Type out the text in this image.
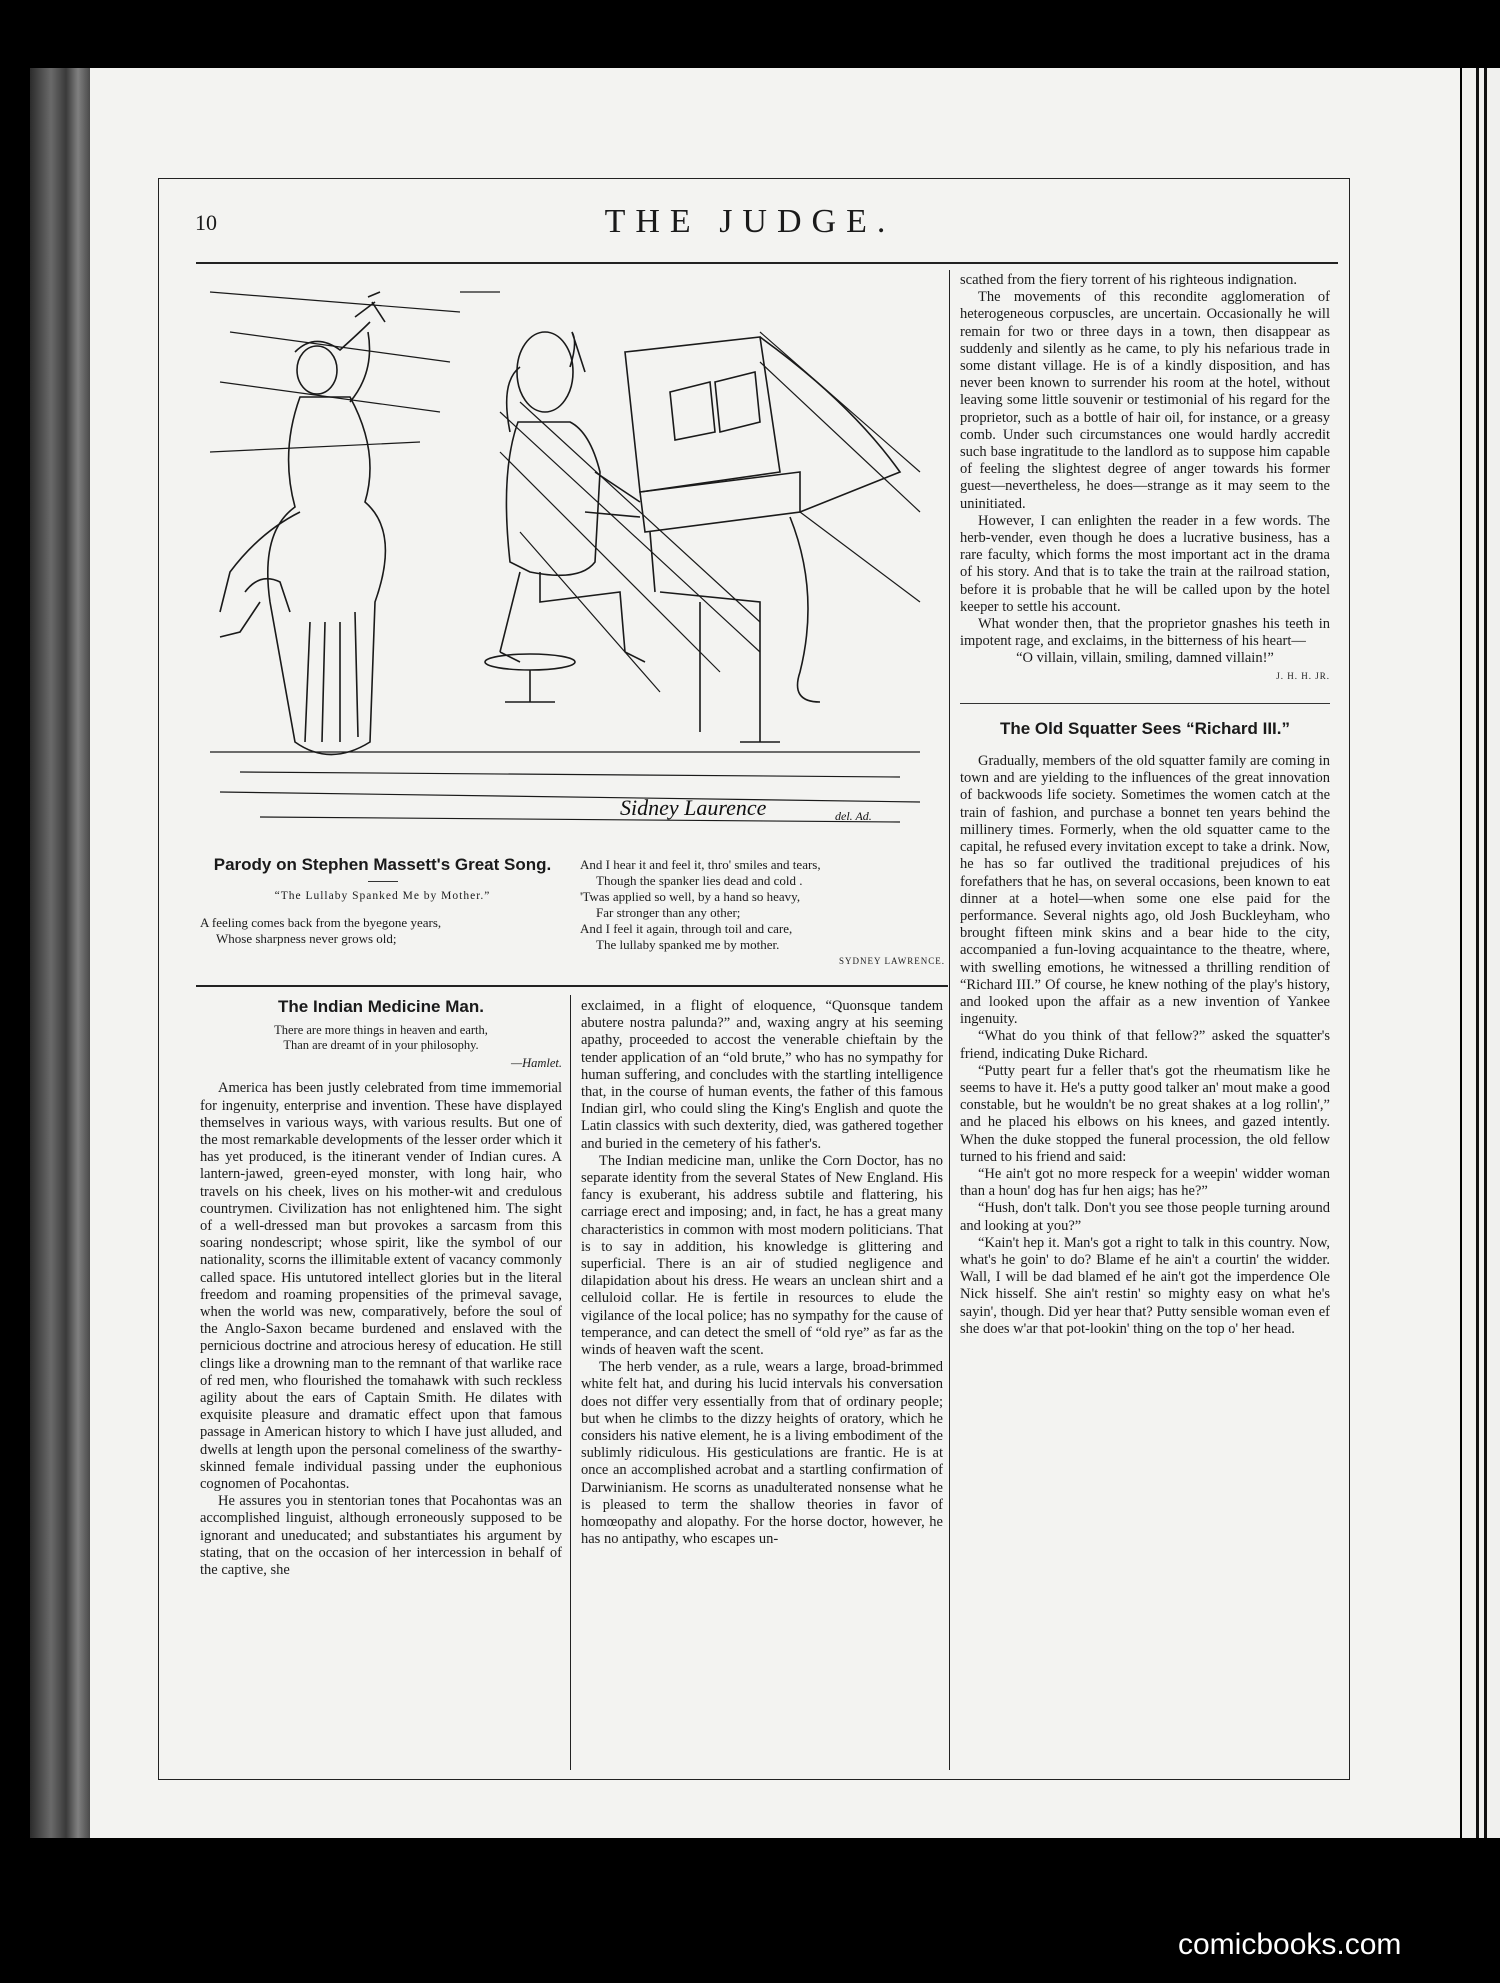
10	THE JUDGE.
Sidney Laurence	del. Ad.
Parody on Stephen Massett's Great Song.
“The Lullaby Spanked Me by Mother.”
A feeling comes back from the byegone years,
Whose sharpness never grows old;
And I hear it and feel it, thro' smiles and tears,
Though the spanker lies dead and cold .
'Twas applied so well, by a hand so heavy,
Far stronger than any other;
And I feel it again, through toil and care,
The lullaby spanked me by mother.
SYDNEY LAWRENCE.
The Indian Medicine Man.
There are more things in heaven and earth,
Than are dreamt of in your philosophy.
—Hamlet.

America has been justly celebrated from time immemorial for ingenuity, enterprise and invention. These have displayed themselves in various ways, with various results. But one of the most remarkable developments of the lesser order which it has yet produced, is the itinerant vender of Indian cures. A lantern-jawed, green-eyed monster, with long hair, who travels on his cheek, lives on his mother-wit and credulous countrymen. Civilization has not enlightened him. The sight of a well-dressed man but provokes a sarcasm from this soaring nondescript; whose spirit, like the symbol of our nationality, scorns the illimitable extent of vacancy commonly called space. His untutored intellect glories but in the literal freedom and roaming propensities of the primeval savage, when the world was new, comparatively, before the soul of the Anglo-Saxon became burdened and enslaved with the pernicious doctrine and atrocious heresy of education. He still clings like a drowning man to the remnant of that warlike race of red men, who flourished the tomahawk with such reckless agility about the ears of Captain Smith. He dilates with exquisite pleasure and dramatic effect upon that famous passage in American history to which I have just alluded, and dwells at length upon the personal comeliness of the swarthy-skinned female individual passing under the euphonious cognomen of Pocahontas.

He assures you in stentorian tones that Pocahontas was an accomplished linguist, although erroneously supposed to be ignorant and uneducated; and substantiates his argument by stating, that on the occasion of her intercession in behalf of the captive, she

exclaimed, in a flight of eloquence, “Quonsque tandem abutere nostra palunda?” and, waxing angry at his seeming apathy, proceeded to accost the venerable chieftain by the tender application of an “old brute,” who has no sympathy for human suffering, and concludes with the startling intelligence that, in the course of human events, the father of this famous Indian girl, who could sling the King's English and quote the Latin classics with such dexterity, died, was gathered together and buried in the cemetery of his father's.

The Indian medicine man, unlike the Corn Doctor, has no separate identity from the several States of New England. His fancy is exuberant, his address subtile and flattering, his carriage erect and imposing; and, in fact, he has a great many characteristics in common with most modern politicians. That is to say in addition, his knowledge is glittering and superficial. There is an air of studied negligence and dilapidation about his dress. He wears an unclean shirt and a celluloid collar. He is fertile in resources to elude the vigilance of the local police; has no sympathy for the cause of temperance, and can detect the smell of “old rye” as far as the winds of heaven waft the scent.

The herb vender, as a rule, wears a large, broad-brimmed white felt hat, and during his lucid intervals his conversation does not differ very essentially from that of ordinary people; but when he climbs to the dizzy heights of oratory, which he considers his native element, he is a living embodiment of the sublimly ridiculous. His gesticulations are frantic. He is at once an accomplished acrobat and a startling confirmation of Darwinianism. He scorns as unadulterated nonsense what he is pleased to term the shallow theories in favor of homœopathy and alopathy. For the horse doctor, however, he has no antipathy, who escapes un-

scathed from the fiery torrent of his righteous indignation.

The movements of this recondite agglomeration of heterogeneous corpuscles, are uncertain. Occasionally he will remain for two or three days in a town, then disappear as suddenly and silently as he came, to ply his nefarious trade in some distant village. He is of a kindly disposition, and has never been known to surrender his room at the hotel, without leaving some little souvenir or testimonial of his regard for the proprietor, such as a bottle of hair oil, for instance, or a greasy comb. Under such circumstances one would hardly accredit such base ingratitude to the landlord as to suppose him capable of feeling the slightest degree of anger towards his former guest—nevertheless, he does—strange as it may seem to the uninitiated.

However, I can enlighten the reader in a few words. The herb-vender, even though he does a lucrative business, has a rare faculty, which forms the most important act in the drama of his story. And that is to take the train at the railroad station, before it is probable that he will be called upon by the hotel keeper to settle his account.

What wonder then, that the proprietor gnashes his teeth in impotent rage, and exclaims, in the bitterness of his heart—

“O villain, villain, smiling, damned villain!”

J. H. H. JR.
The Old Squatter Sees “Richard III.”

Gradually, members of the old squatter family are coming in town and are yielding to the influences of the great innovation of backwoods life society. Sometimes the women catch at the train of fashion, and purchase a bonnet ten years behind the millinery times. Formerly, when the old squatter came to the capital, he refused every invitation except to take a drink. Now, he has so far outlived the traditional prejudices of his forefathers that he has, on several occasions, been known to eat dinner at a hotel—when some one else paid for the performance. Several nights ago, old Josh Buckleyham, who brought fifteen mink skins and a bear hide to the city, accompanied a fun-loving acquaintance to the theatre, where, with swelling emotions, he witnessed a thrilling rendition of “Richard III.” Of course, he knew nothing of the play's history, and looked upon the affair as a new invention of Yankee ingenuity.

“What do you think of that fellow?” asked the squatter's friend, indicating Duke Richard.

“Putty peart fur a feller that's got the rheumatism like he seems to have it. He's a putty good talker an' mout make a good constable, but he wouldn't be no great shakes at a log rollin',” and he placed his elbows on his knees, and gazed intently. When the duke stopped the funeral procession, the old fellow turned to his friend and said:

“He ain't got no more respeck for a weepin' widder woman than a houn' dog has fur hen aigs; has he?”

“Hush, don't talk. Don't you see those people turning around and looking at you?”

“Kain't hep it. Man's got a right to talk in this country. Now, what's he goin' to do? Blame ef he ain't a courtin' the widder. Wall, I will be dad blamed ef he ain't got the imperdence Ole Nick hisself. She ain't restin' so mighty easy on what he's sayin', though. Did yer hear that? Putty sensible woman even ef she does w'ar that pot-lookin' thing on the top o' her head.

comicbooks.com
